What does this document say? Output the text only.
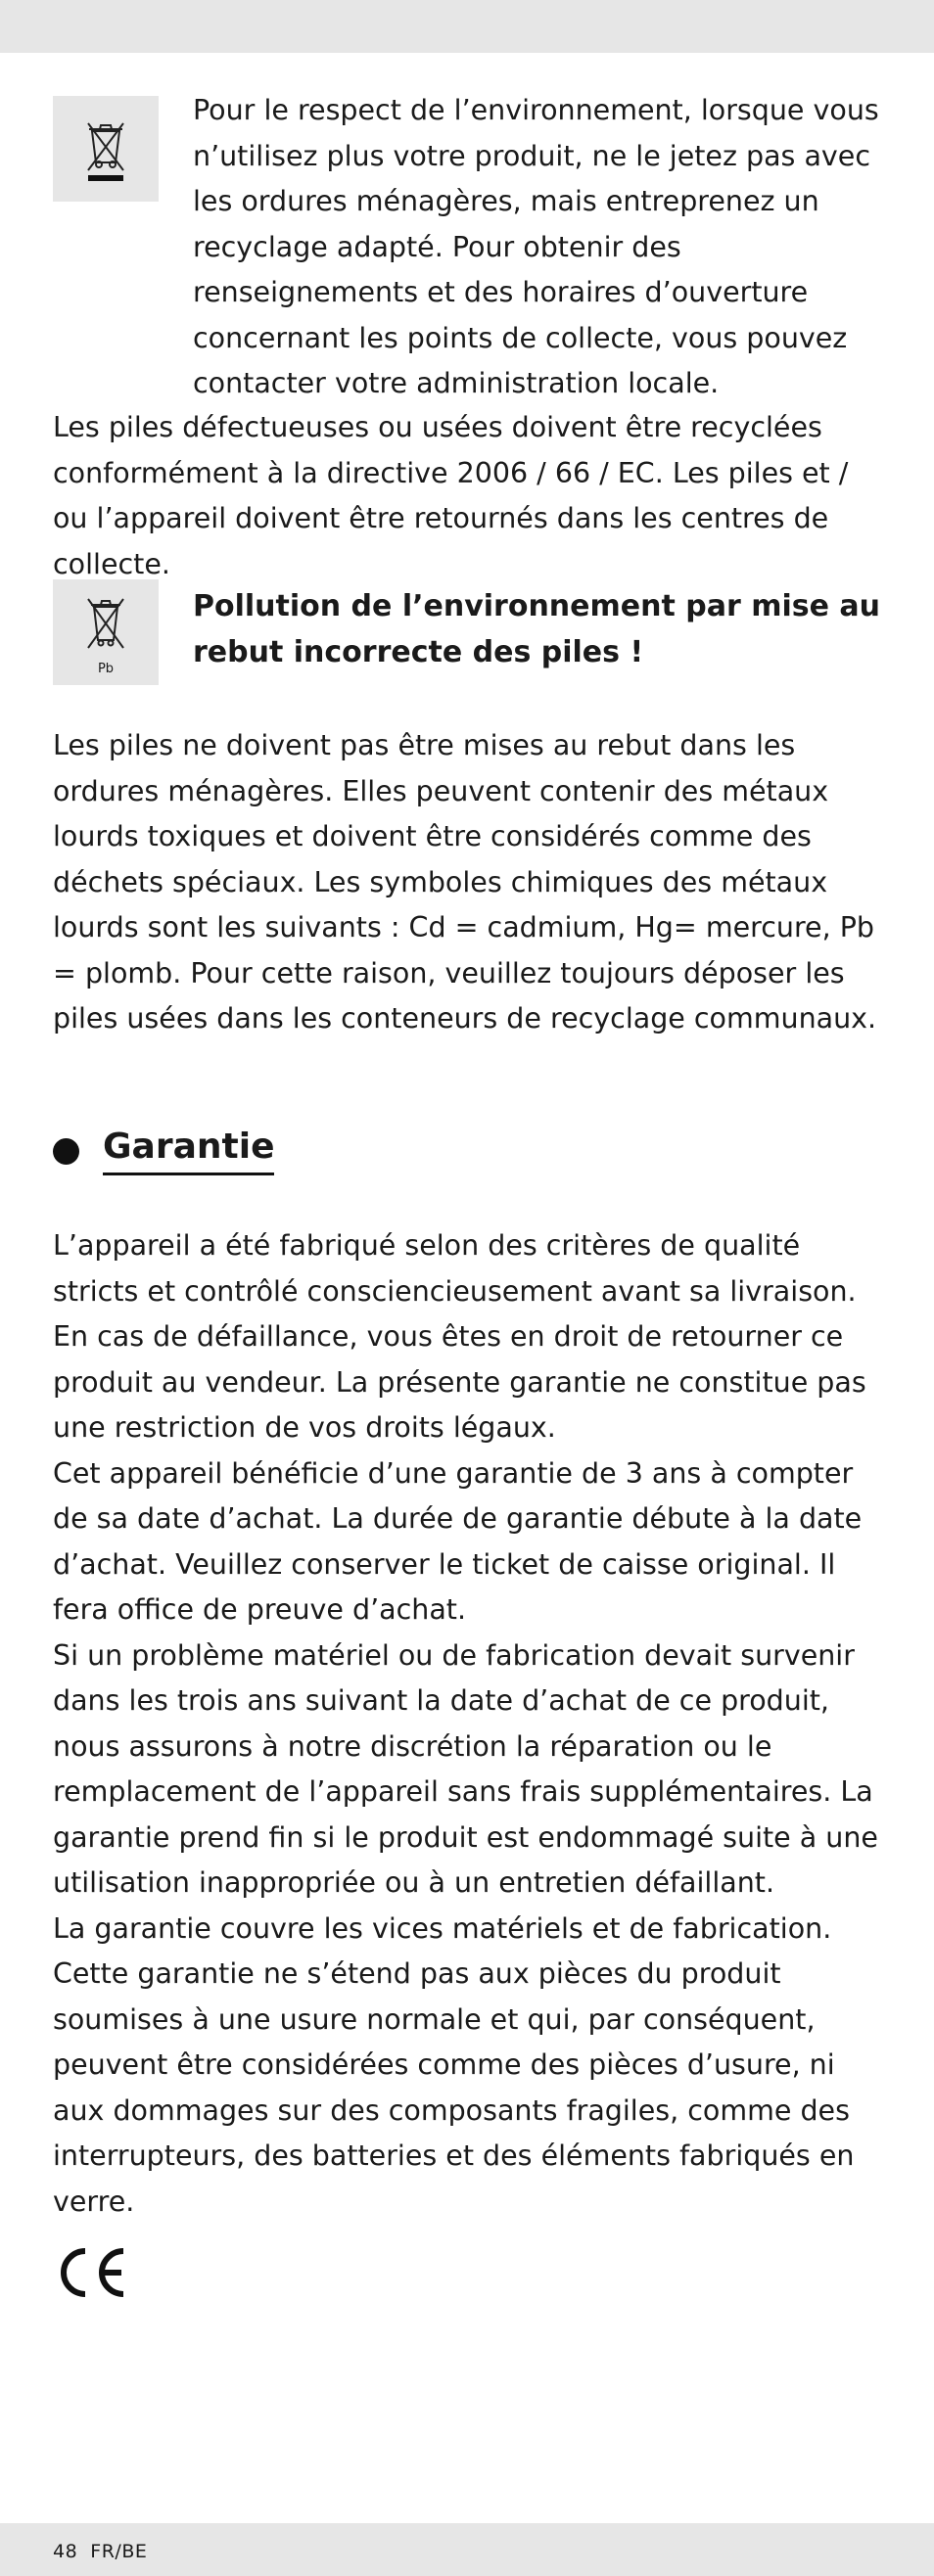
Pour le respect de l’environnement, lorsque vous n’utilisez plus votre produit, ne le jetez pas avec les ordures ménagères, mais entreprenez un recyclage adapté. Pour obtenir des renseignements et des horaires d’ouverture concernant les points de collecte, vous pouvez contacter votre administration locale.

Les piles défectueuses ou usées doivent être recyclées conformément à la directive 2006 / 66 / EC. Les piles et / ou l’appareil doivent être retournés dans les centres de collecte.

Pb

Pollution de l’environnement par mise au rebut incorrecte des piles !

Les piles ne doivent pas être mises au rebut dans les ordures ménagères. Elles peuvent contenir des métaux lourds toxiques et doivent être considérés comme des déchets spéciaux. Les symboles chimiques des métaux lourds sont les suivants : Cd = cadmium, Hg= mercure, Pb = plomb. Pour cette raison, veuillez toujours déposer les piles usées dans les conteneurs de recyclage communaux.

Garantie

L’appareil a été fabriqué selon des critères de qualité stricts et contrôlé consciencieusement avant sa livraison. En cas de défaillance, vous êtes en droit de retourner ce produit au vendeur. La présente garantie ne constitue pas une restriction de vos droits légaux.

Cet appareil bénéficie d’une garantie de 3 ans à compter de sa date d’achat. La durée de garantie débute à la date d’achat. Veuillez conserver le ticket de caisse original. Il fera office de preuve d’achat.

Si un problème matériel ou de fabrication devait survenir dans les trois ans suivant la date d’achat de ce produit, nous assurons à notre discrétion la réparation ou le remplacement de l’appareil sans frais supplémentaires. La garantie prend fin si le produit est endommagé suite à une utilisation inappropriée ou à un entretien défaillant.

La garantie couvre les vices matériels et de fabrication. Cette garantie ne s’étend pas aux pièces du produit soumises à une usure normale et qui, par conséquent, peuvent être considérées comme des pièces d’usure, ni aux dommages sur des composants fragiles, comme des interrupteurs, des batteries et des éléments fabriqués en verre.

48 FR/BE
